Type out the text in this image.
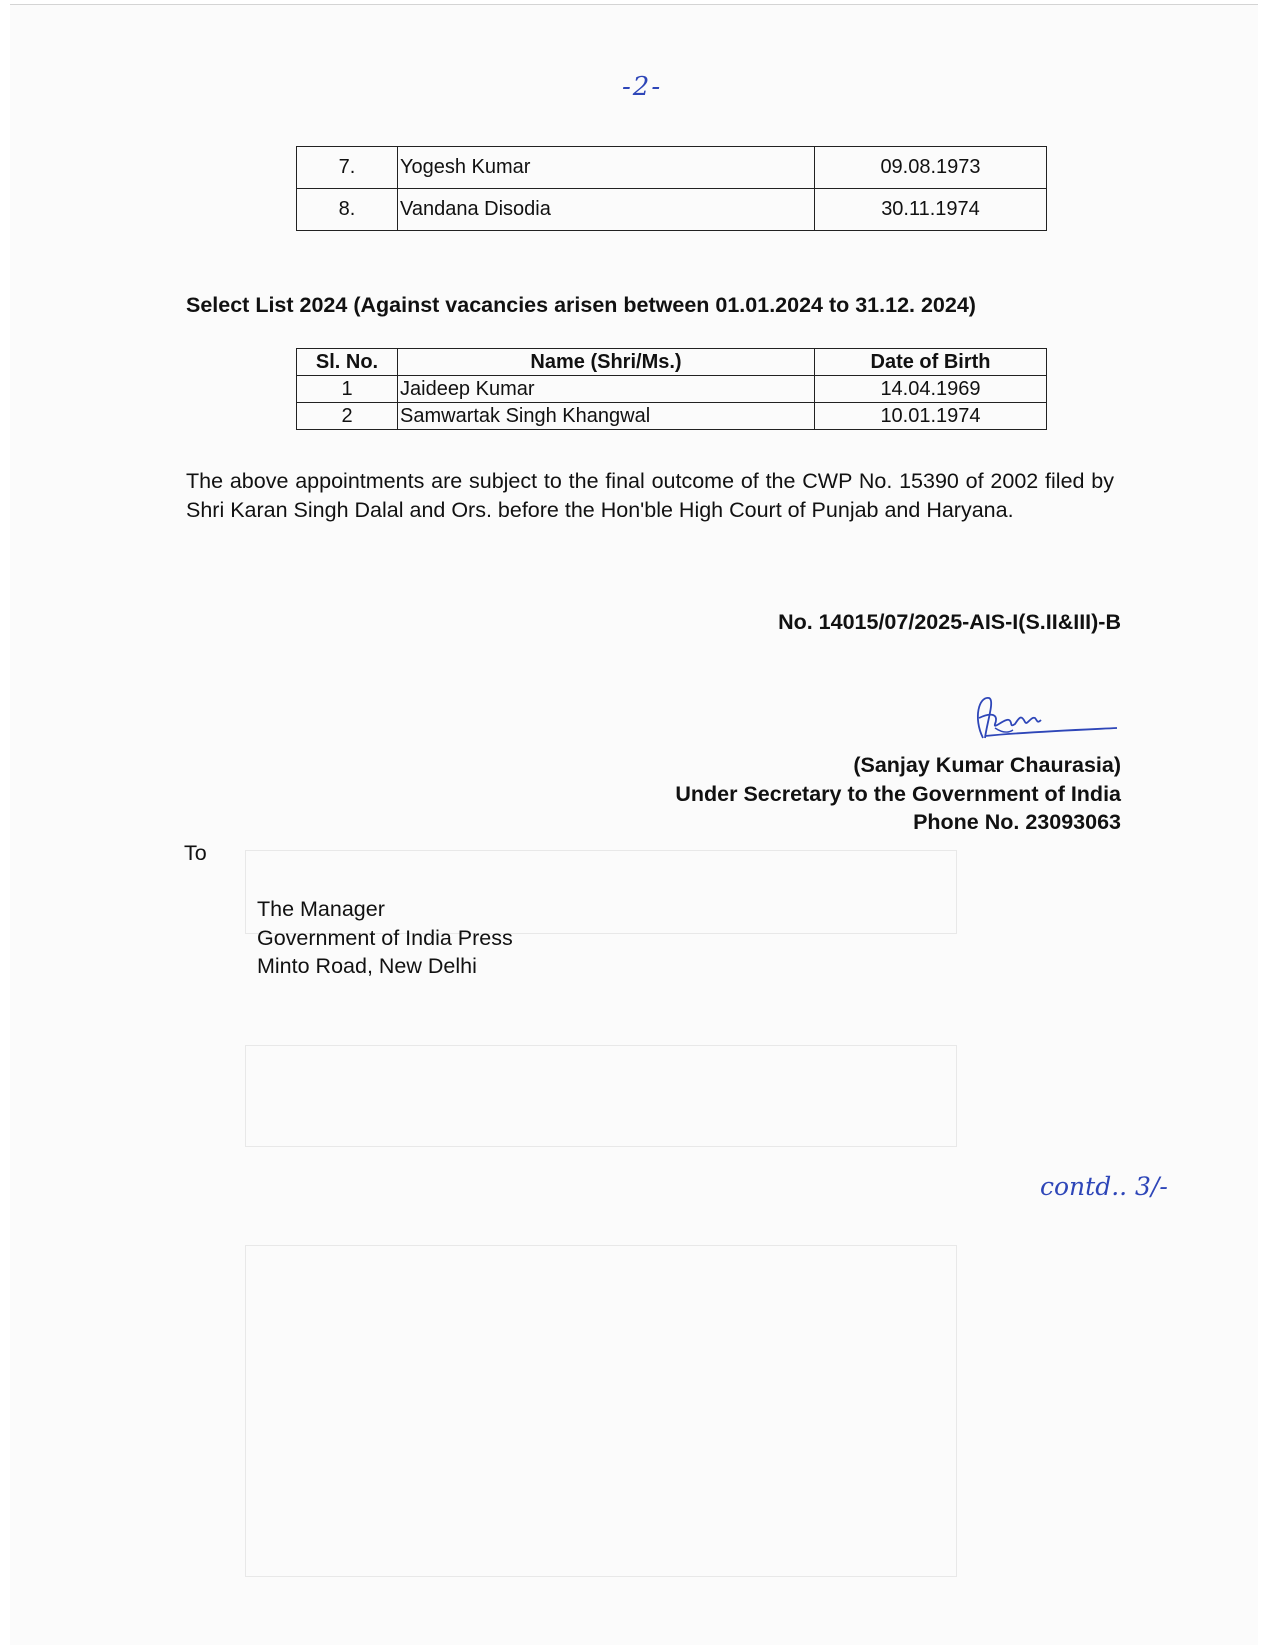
-2-
7.	Yogesh Kumar	09.08.1973
8.	Vandana Disodia	30.11.1974
Select List 2024 (Against vacancies arisen between 01.01.2024 to 31.12. 2024)
Sl. No.	Name (Shri/Ms.)	Date of Birth
1	Jaideep Kumar	14.04.1969
2	Samwartak Singh Khangwal	10.01.1974
The above appointments are subject to the final outcome of the CWP No. 15390 of 2002 filed by Shri Karan Singh Dalal and Ors. before the Hon'ble High Court of Punjab and Haryana.
No. 14015/07/2025-AIS-I(S.II&III)-B
(Sanjay Kumar Chaurasia)
Under Secretary to the Government of India
Phone No. 23093063
To
The Manager
Government of India Press
Minto Road, New Delhi
contd.. 3/-
